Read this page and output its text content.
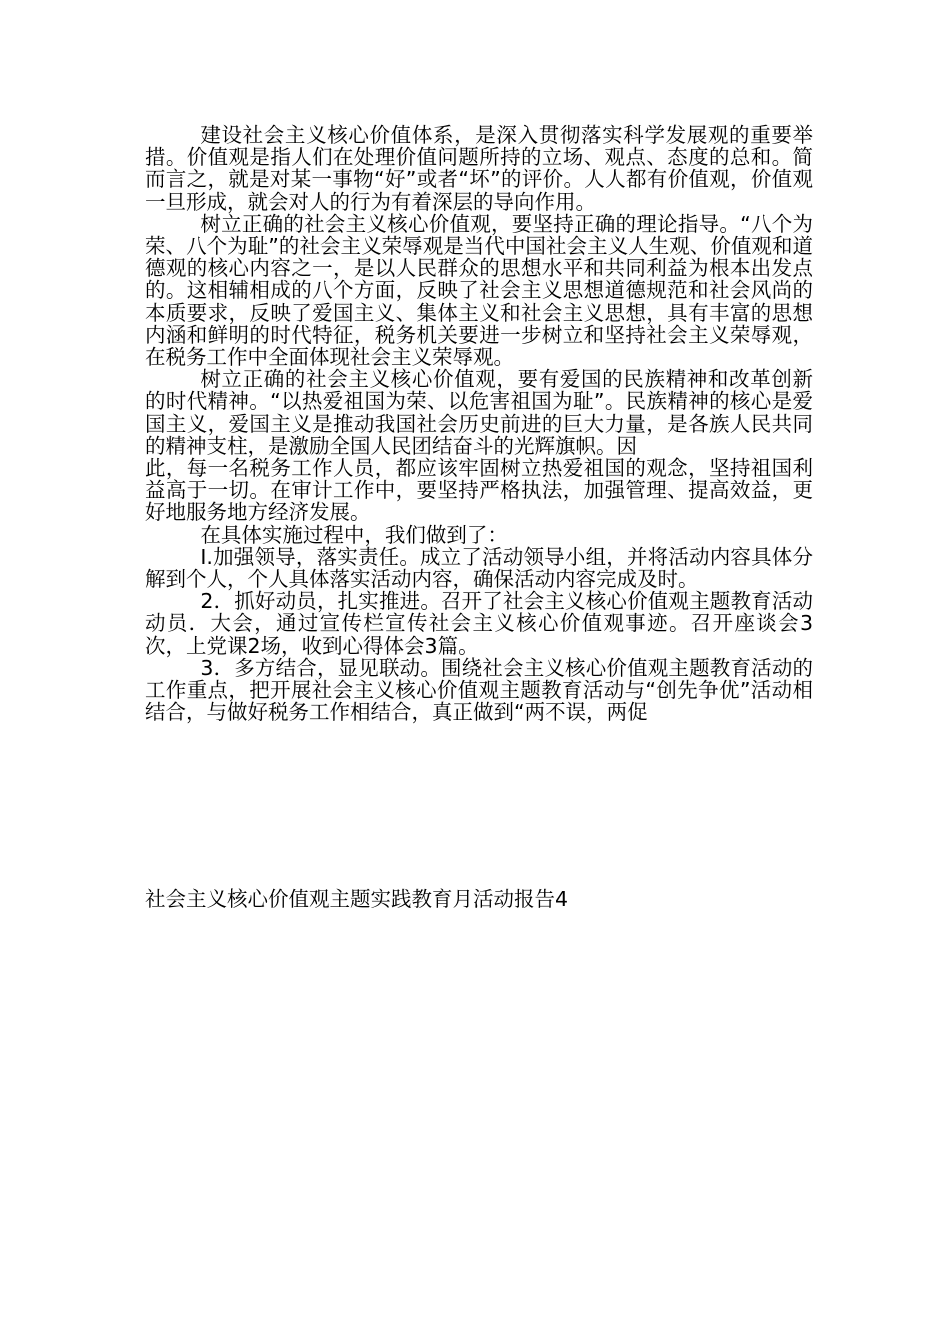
建设社会主义核心价值体系，是深入贯彻落实科学发展观的重要举措。价值观是指人们在处理价值问题所持的立场、观点、态度的总和。简而言之，就是对某一事物“好”或者“坏”的评价。人人都有价值观，价值观一旦形成，就会对人的行为有着深层的导向作用。

树立正确的社会主义核心价值观，要坚持正确的理论指导。“八个为荣、八个为耻”的社会主义荣辱观是当代中国社会主义人生观、价值观和道德观的核心内容之一，是以人民群众的思想水平和共同利益为根本出发点的。这相辅相成的八个方面，反映了社会主义思想道德规范和社会风尚的本质要求，反映了爱国主义、集体主义和社会主义思想，具有丰富的思想内涵和鲜明的时代特征，税务机关要进一步树立和坚持社会主义荣辱观，在税务工作中全面体现社会主义荣辱观。

树立正确的社会主义核心价值观，要有爱国的民族精神和改革创新的时代精神。“以热爱祖国为荣、以危害祖国为耻”。民族精神的核心是爱国主义，爱国主义是推动我国社会历史前进的巨大力量，是各族人民共同的精神支柱，是激励全国人民团结奋斗的光辉旗帜。因

此，每一名税务工作人员，都应该牢固树立热爱祖国的观念，坚持祖国利益高于一切。在审计工作中，要坚持严格执法，加强管理、提高效益，更好地服务地方经济发展。

在具体实施过程中，我们做到了：

I.加强领导，落实责任。成立了活动领导小组，并将活动内容具体分解到个人，个人具体落实活动内容，确保活动内容完成及时。

2．抓好动员，扎实推进。召开了社会主义核心价值观主题教育活动动员．大会，通过宣传栏宣传社会主义核心价值观事迹。召开座谈会3次，上党课2场，收到心得体会3篇。

3．多方结合，显见联动。围绕社会主义核心价值观主题教育活动的工作重点，把开展社会主义核心价值观主题教育活动与“创先争优”活动相结合，与做好税务工作相结合，真正做到“两不误，两促

社会主义核心价值观主题实践教育月活动报告4
